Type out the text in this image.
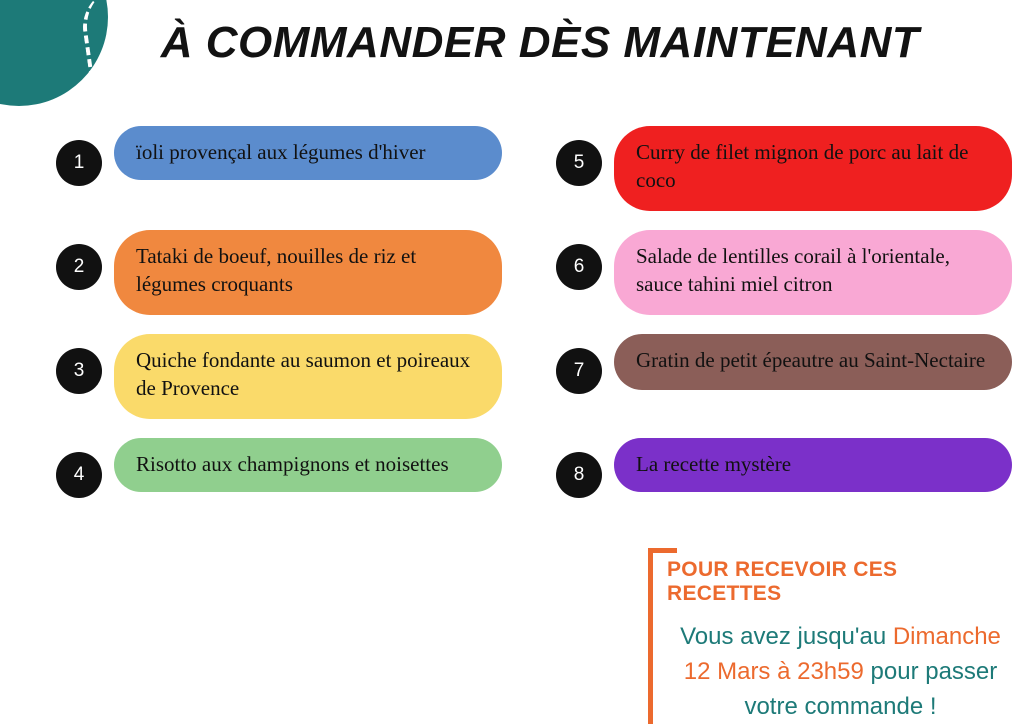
À COMMANDER DÈS MAINTENANT
1	ïoli provençal aux légumes d'hiver
2	Tataki de boeuf, nouilles de riz et légumes croquants
3	Quiche fondante au saumon et poireaux de Provence
4	Risotto aux champignons et noisettes
5	Curry de filet mignon de porc au lait de coco
6	Salade de lentilles corail à l'orientale, sauce tahini miel citron
7	Gratin de petit épeautre au Saint-Nectaire
8	La recette mystère
POUR RECEVOIR CES RECETTES
Vous avez jusqu'au Dimanche
12 Mars à 23h59 pour passer
votre commande !
